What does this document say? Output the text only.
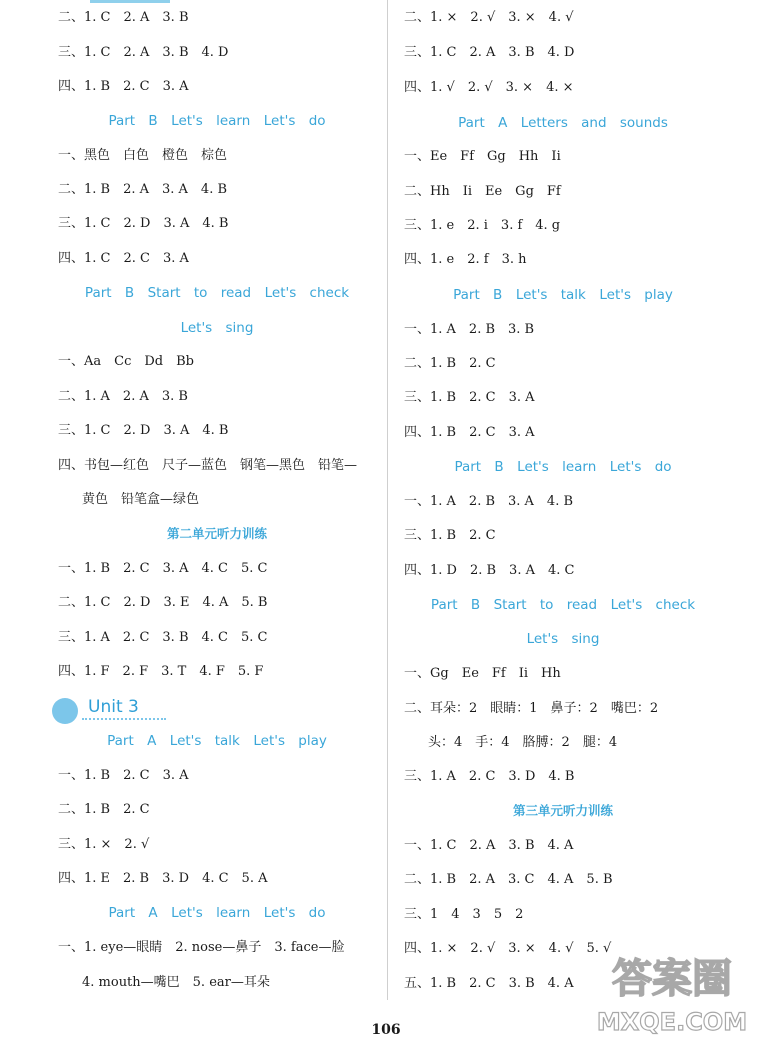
二、1. C　2. A　3. B
三、1. C　2. A　3. B　4. D
四、1. B　2. C　3. A
Part B　Let's learn　Let's do
一、黑色　白色　橙色　棕色
二、1. B　2. A　3. A　4. B
三、1. C　2. D　3. A　4. B
四、1. C　2. C　3. A
Part B　Start to read　Let's check
Let's sing
一、Aa　Cc　Dd　Bb
二、1. A　2. A　3. B
三、1. C　2. D　3. A　4. B
四、书包—红色　尺子—蓝色　钢笔—黑色　铅笔—
黄色　铅笔盒—绿色
第二单元听力训练
一、1. B　2. C　3. A　4. C　5. C
二、1. C　2. D　3. E　4. A　5. B
三、1. A　2. C　3. B　4. C　5. C
四、1. F　2. F　3. T　4. F　5. F
Unit 3
Part A　Let's talk　Let's play
一、1. B　2. C　3. A
二、1. B　2. C
三、1. ×　2. √
四、1. E　2. B　3. D　4. C　5. A
Part A　Let's learn　Let's do
一、1. eye—眼睛　2. nose—鼻子　3. face—脸
4. mouth—嘴巴　5. ear—耳朵
二、1. ×　2. √　3. ×　4. √
三、1. C　2. A　3. B　4. D
四、1. √　2. √　3. ×　4. ×
Part A　Letters and sounds
一、Ee　Ff　Gg　Hh　Ii
二、Hh　Ii　Ee　Gg　Ff
三、1. e　2. i　3. f　4. g
四、1. e　2. f　3. h
Part B　Let's talk　Let's play
一、1. A　2. B　3. B
二、1. B　2. C
三、1. B　2. C　3. A
四、1. B　2. C　3. A
Part B　Let's learn　Let's do
一、1. A　2. B　3. A　4. B
三、1. B　2. C
四、1. D　2. B　3. A　4. C
Part B　Start to read　Let's check
Let's sing
一、Gg　Ee　Ff　Ii　Hh
二、耳朵：2　眼睛：1　鼻子：2　嘴巴：2
头：4　手：4　胳膊：2　腿：4
三、1. A　2. C　3. D　4. B
第三单元听力训练
一、1. C　2. A　3. B　4. A
二、1. B　2. A　3. C　4. A　5. B
三、1　4　3　5　2
四、1. ×　2. √　3. ×　4. √　5. √
五、1. B　2. C　3. B　4. A 答案圈
MXQE.COM
106
